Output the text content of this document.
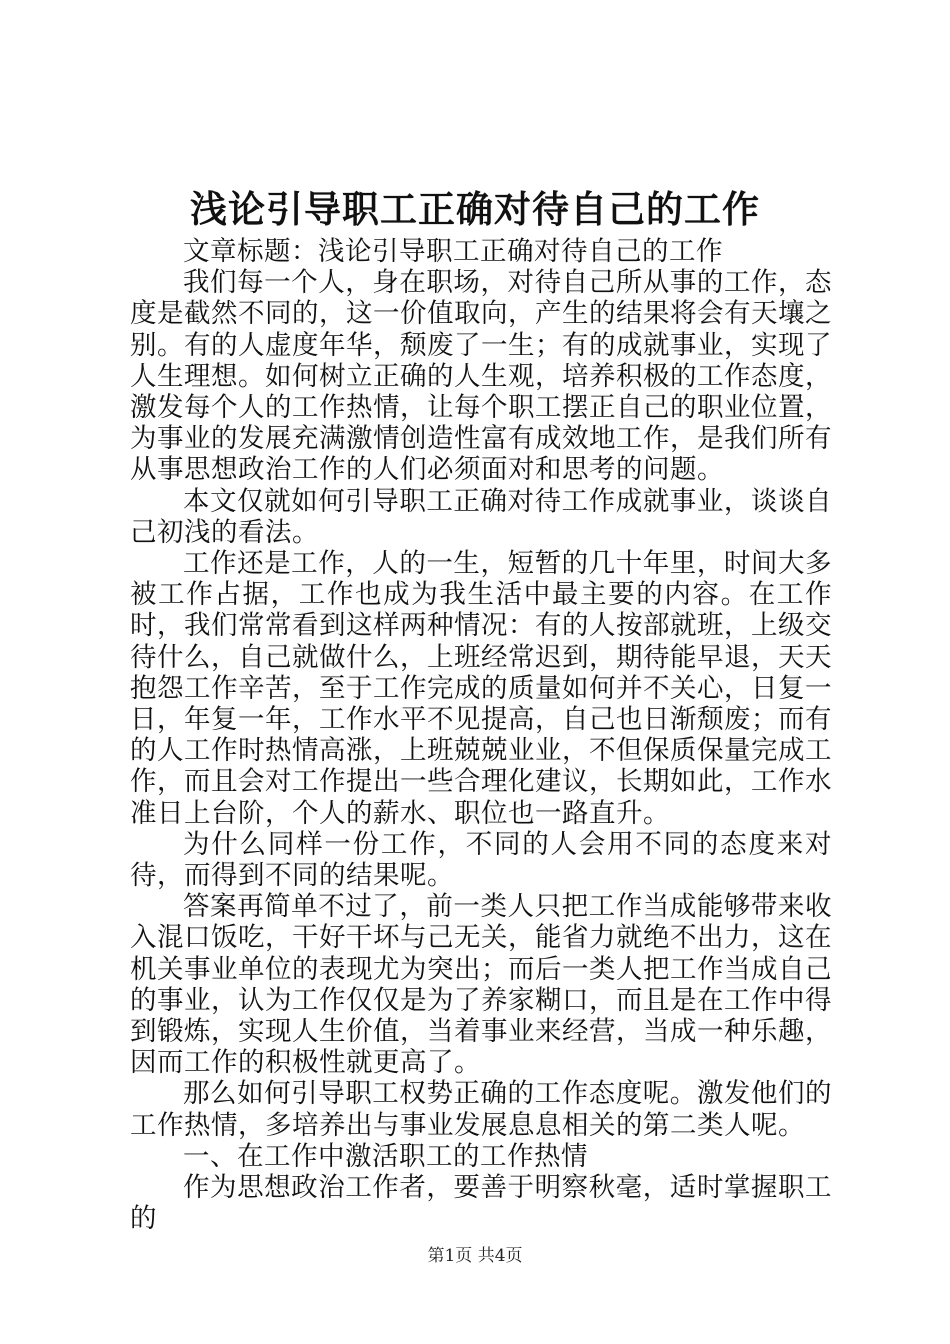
浅论引导职工正确对待自己的工作

文章标题：浅论引导职工正确对待自己的工作

我们每一个人，身在职场，对待自己所从事的工作，态度是截然不同的，这一价值取向，产生的结果将会有天壤之别。有的人虚度年华，颓废了一生；有的成就事业，实现了人生理想。如何树立正确的人生观，培养积极的工作态度，激发每个人的工作热情，让每个职工摆正自己的职业位置，为事业的发展充满激情创造性富有成效地工作，是我们所有从事思想政治工作的人们必须面对和思考的问题。

本文仅就如何引导职工正确对待工作成就事业，谈谈自己初浅的看法。

工作还是工作，人的一生，短暂的几十年里，时间大多被工作占据，工作也成为我生活中最主要的内容。在工作时，我们常常看到这样两种情况：有的人按部就班，上级交待什么，自己就做什么，上班经常迟到，期待能早退，天天抱怨工作辛苦，至于工作完成的质量如何并不关心，日复一日，年复一年，工作水平不见提高，自己也日渐颓废；而有的人工作时热情高涨，上班兢兢业业，不但保质保量完成工作，而且会对工作提出一些合理化建议，长期如此，工作水准日上台阶，个人的薪水、职位也一路直升。

为什么同样一份工作，不同的人会用不同的态度来对待，而得到不同的结果呢。

答案再简单不过了，前一类人只把工作当成能够带来收入混口饭吃，干好干坏与己无关，能省力就绝不出力，这在机关事业单位的表现尤为突出；而后一类人把工作当成自己的事业，认为工作仅仅是为了养家糊口，而且是在工作中得到锻炼，实现人生价值，当着事业来经营，当成一种乐趣，因而工作的积极性就更高了。

那么如何引导职工权势正确的工作态度呢。激发他们的工作热情，多培养出与事业发展息息相关的第二类人呢。

一、在工作中激活职工的工作热情

作为思想政治工作者，要善于明察秋毫，适时掌握职工的

第1页 共4页
